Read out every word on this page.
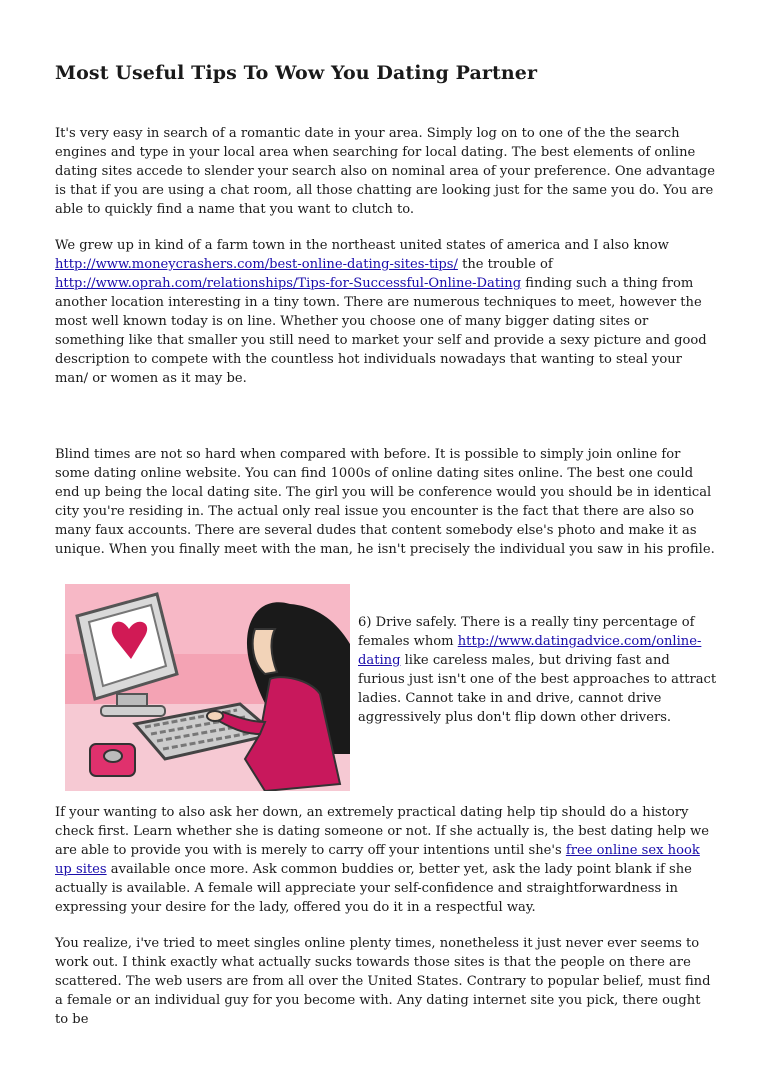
Most Useful Tips To Wow You Dating Partner

It's very easy in search of a romantic date in your area. Simply log on to one of the the search engines and type in your local area when searching for local dating. The best elements of online dating sites accede to slender your search also on nominal area of your preference. One advantage is that if you are using a chat room, all those chatting are looking just for the same you do. You are able to quickly find a name that you want to clutch to.

We grew up in kind of a farm town in the northeast united states of america and I also know http://www.moneycrashers.com/best-online-dating-sites-tips/ the trouble of http://www.oprah.com/relationships/Tips-for-Successful-Online-Dating finding such a thing from another location interesting in a tiny town. There are numerous techniques to meet, however the most well known today is on line. Whether you choose one of many bigger dating sites or something like that smaller you still need to market your self and provide a sexy picture and good description to compete with the countless hot individuals nowadays that wanting to steal your man/ or women as it may be.

Blind times are not so hard when compared with before. It is possible to simply join online for some dating online website. You can find 1000s of online dating sites online. The best one could end up being the local dating site. The girl you will be conference would you should be in identical city you're residing in. The actual only real issue you encounter is the fact that there are also so many faux accounts. There are several dudes that content somebody else's photo and make it as unique. When you finally meet with the man, he isn't precisely the individual you saw in his profile.

6) Drive safely. There is a really tiny percentage of females whom http://www.datingadvice.com/online-dating like careless males, but driving fast and furious just isn't one of the best approaches to attract ladies. Cannot take in and drive, cannot drive aggressively plus don't flip down other drivers.

If your wanting to also ask her down, an extremely practical dating help tip should do a history check first. Learn whether she is dating someone or not. If she actually is, the best dating help we are able to provide you with is merely to carry off your intentions until she's free online sex hook up sites available once more. Ask common buddies or, better yet, ask the lady point blank if she actually is available. A female will appreciate your self-confidence and straightforwardness in expressing your desire for the lady, offered you do it in a respectful way.

You realize, i've tried to meet singles online plenty times, nonetheless it just never ever seems to work out. I think exactly what actually sucks towards those sites is that the people on there are scattered. The web users are from all over the United States. Contrary to popular belief, must find a female or an individual guy for you become with. Any dating internet site you pick, there ought to be
